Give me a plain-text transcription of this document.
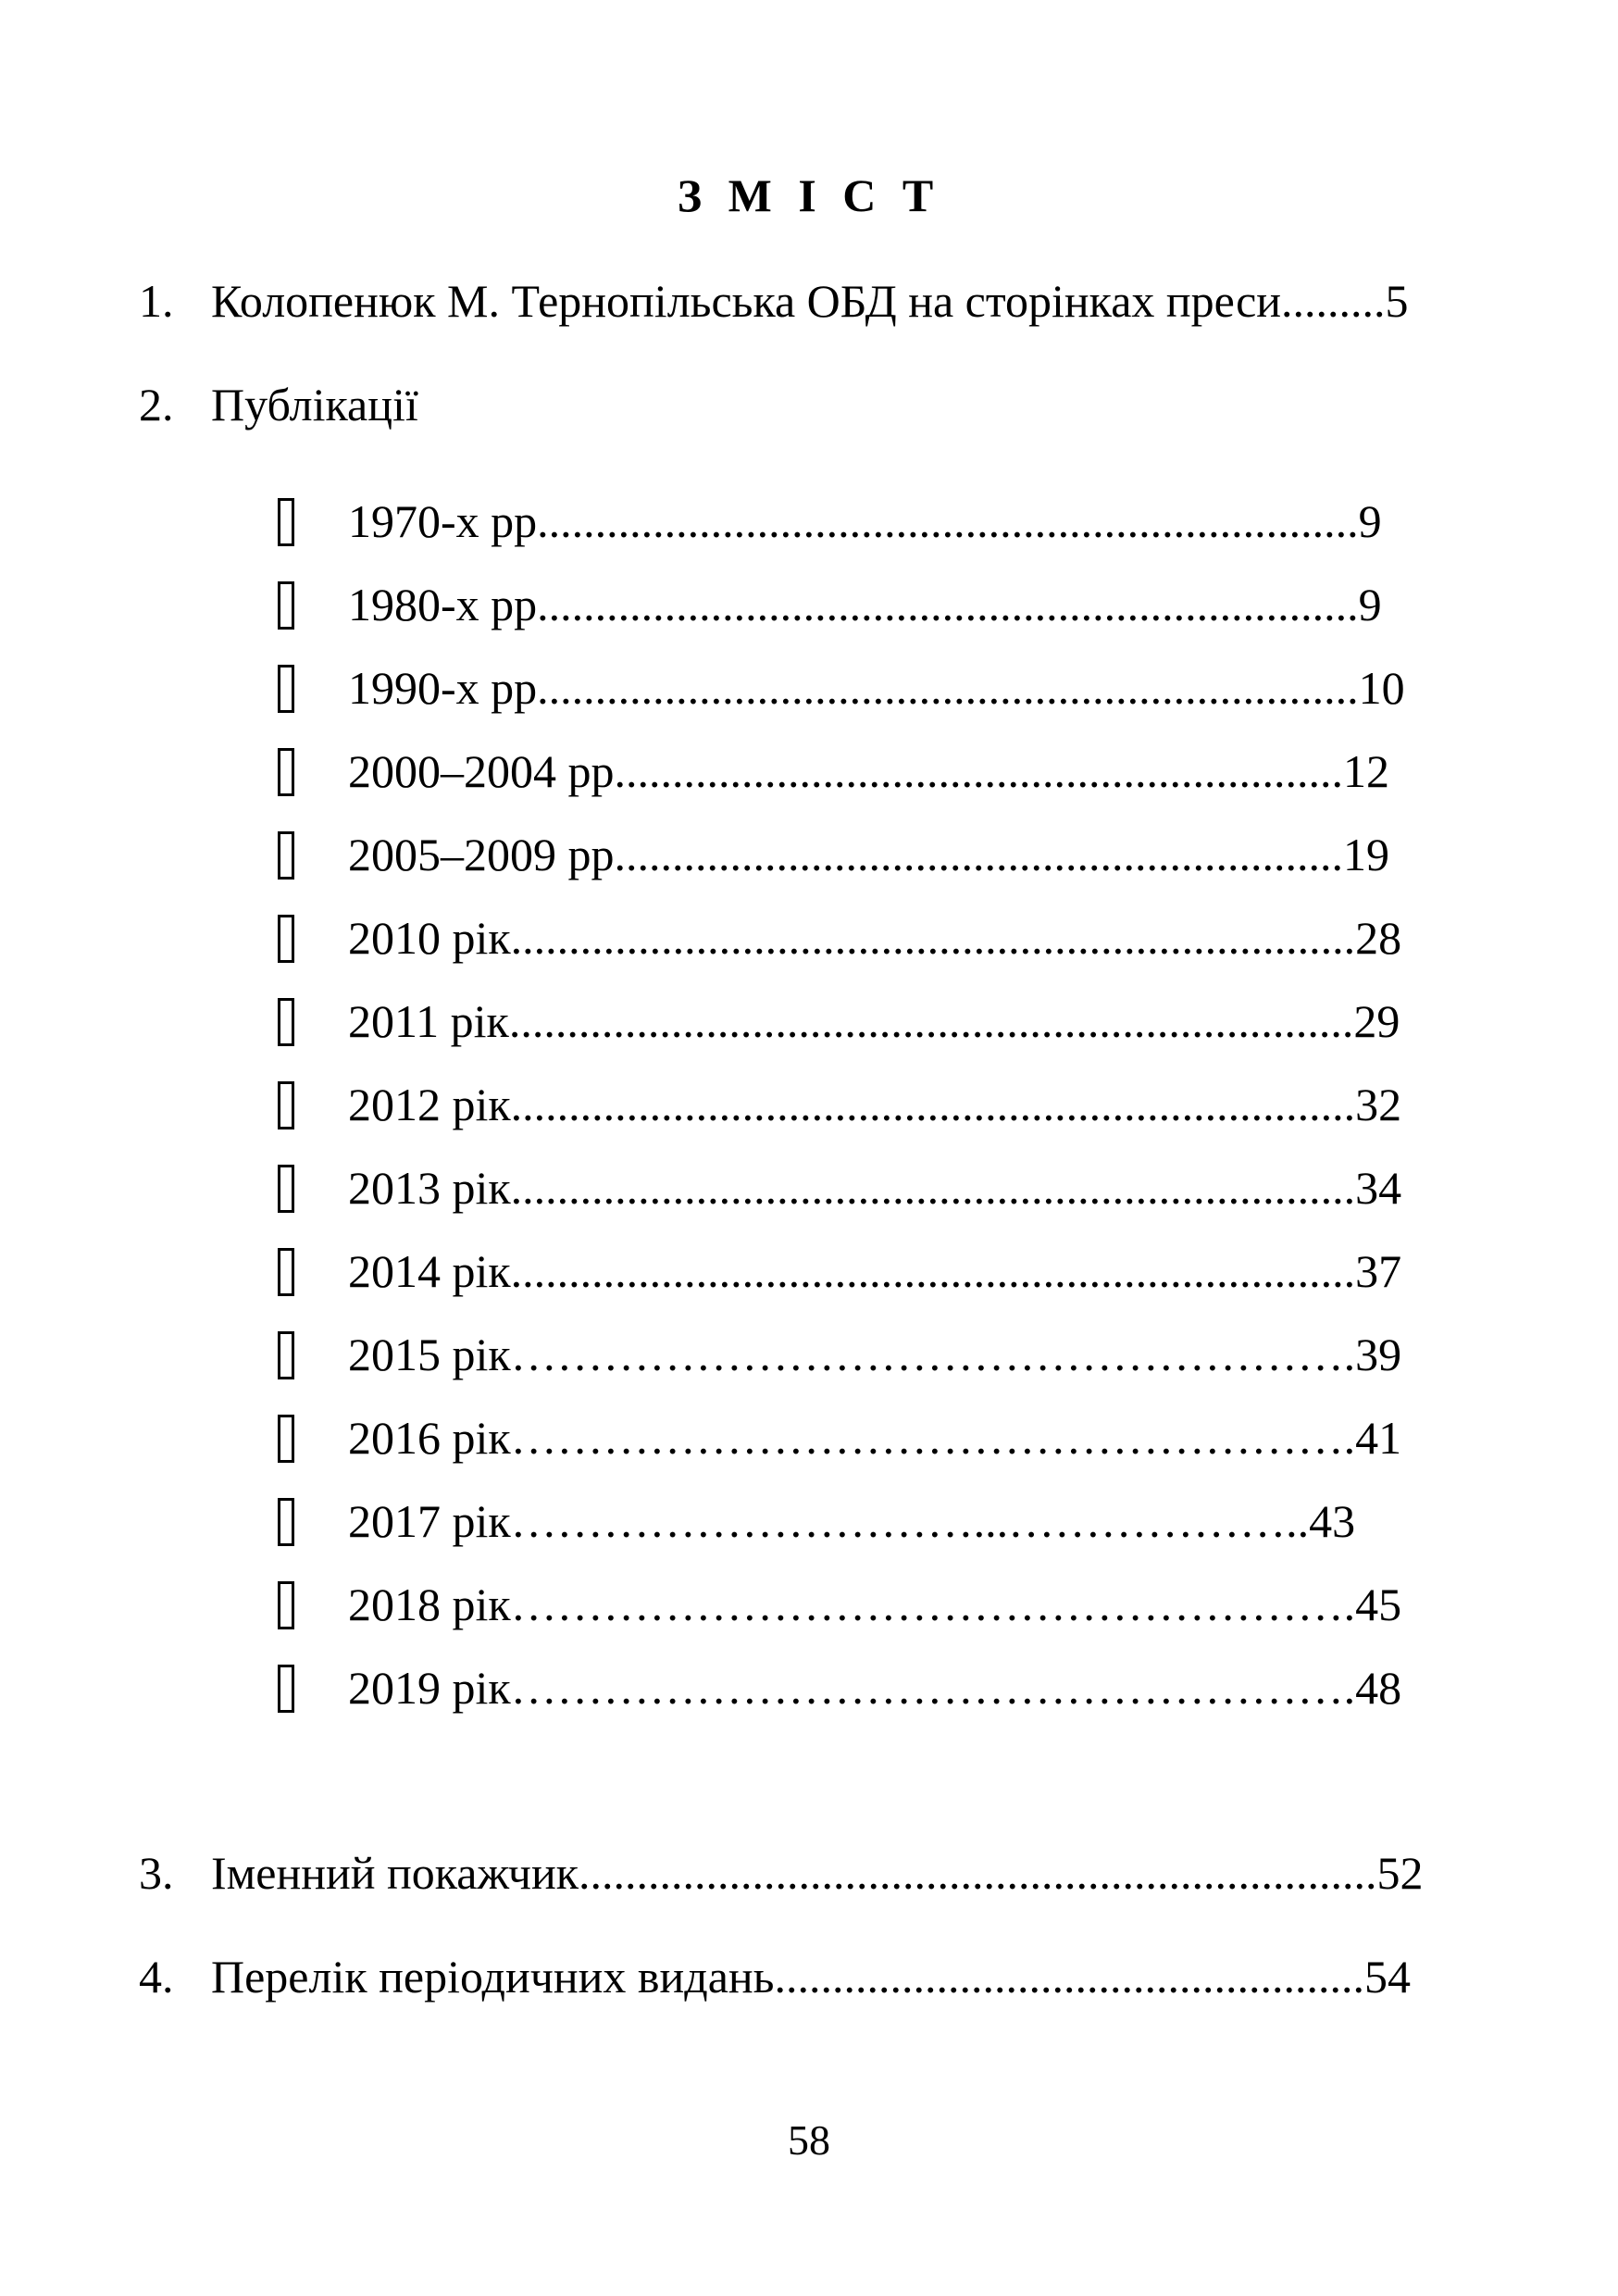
З М І С Т
1. Колопенюк М. Тернопільська ОБД на сторінках преси.........5
2. Публікації
1970-х рр.......................................................................9
1980-х рр.......................................................................9
1990-х рр.......................................................................10
2000–2004 рр...............................................................12
2005–2009 рр...............................................................19
2010 рік.........................................................................28
2011 рік.........................................................................29
2012 рік.........................................................................32
2013 рік.........................................................................34
2014 рік.........................................................................37
2015 рік……………………………………………….39
2016 рік……………………………………………….41
2017 рік…………………………...………………..43
2018 рік……………………………………………….45
2019 рік……………………………………………….48
3. Іменний покажчик.....................................................................52
4. Перелік періодичних видань...................................................54
58
